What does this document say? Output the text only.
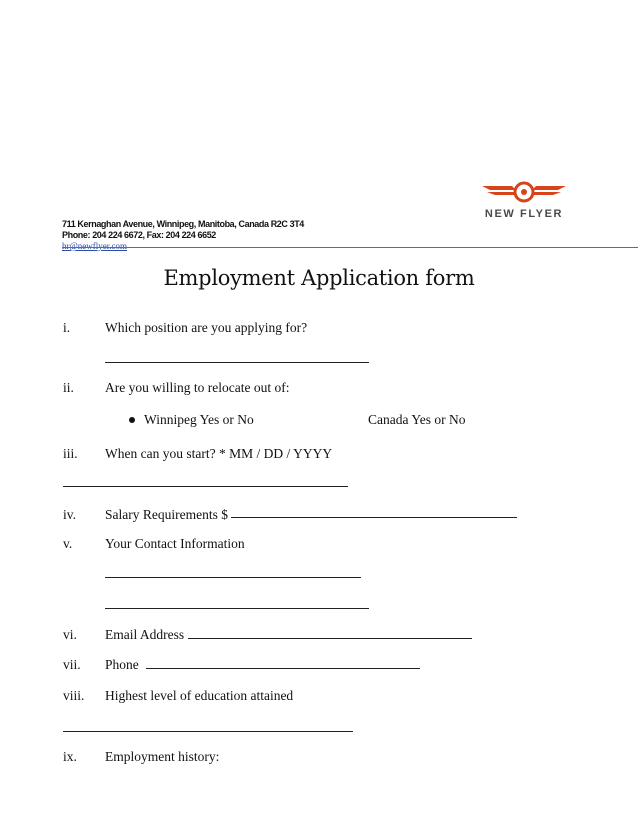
NEW FLYER
711 Kernaghan Avenue, Winnipeg, Manitoba, Canada R2C 3T4
Phone: 204 224 6672, Fax: 204 224 6652
hr@newflyer.com
Employment Application form
i.	Which position are you applying for?
ii. Are you willing to relocate out of:
Winnipeg Yes or No	Canada Yes or No
iii. When can you start? * MM / DD / YYYY
iv. Salary Requirements $
v. Your Contact Information
vi. Email Address
vii. Phone
viii. Highest level of education attained
ix. Employment history:
